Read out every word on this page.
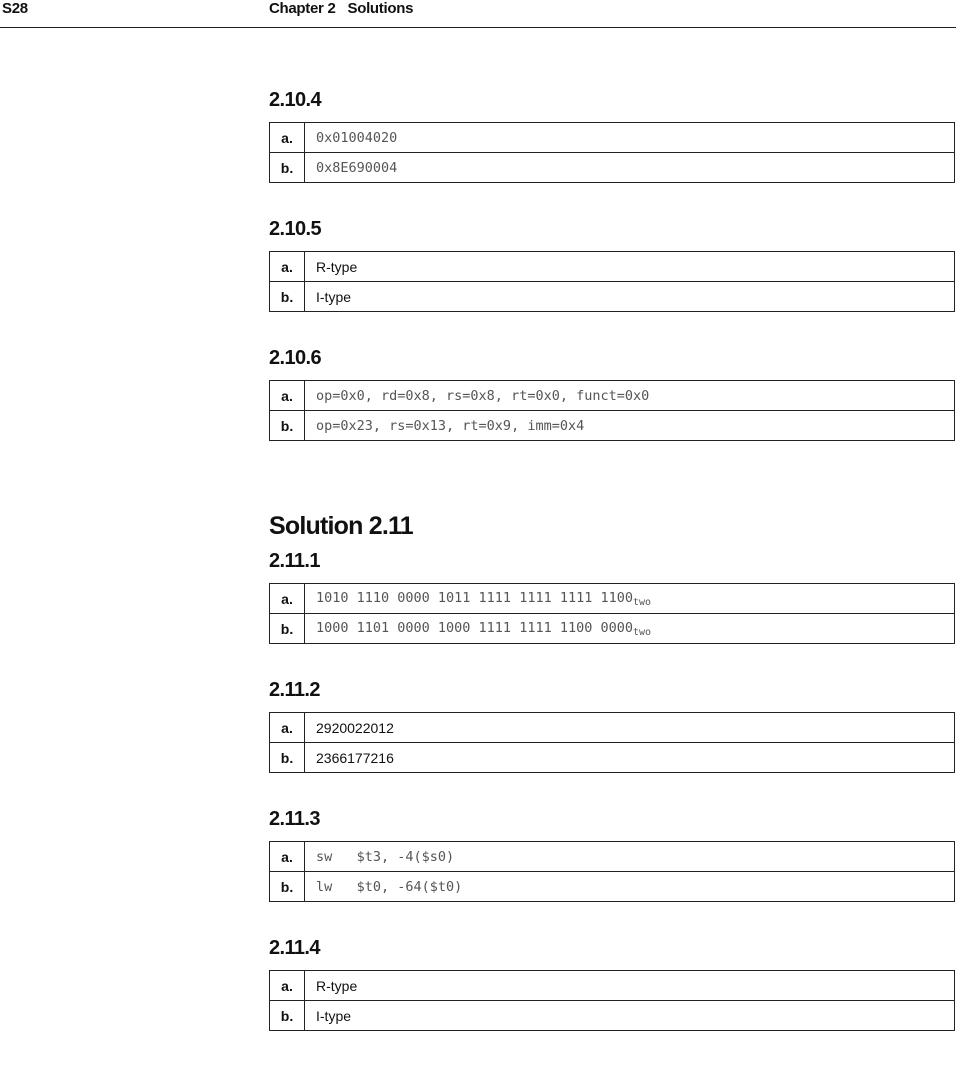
S28	Chapter 2 Solutions
2.10.4
a.	0x01004020
b.	0x8E690004
2.10.5
a.	R-type
b.	I-type
2.10.6
a.	op=0x0, rd=0x8, rs=0x8, rt=0x0, funct=0x0
b.	op=0x23, rs=0x13, rt=0x9, imm=0x4
Solution 2.11
2.11.1
a.	1010 1110 0000 1011 1111 1111 1111 $1100_{two}$
b.	1000 1101 0000 1000 1111 1111 1100 $0000_{two}$
2.11.2
a.	2920022012
b.	2366177216
2.11.3
a.	sw   $t3, -4($s0)
b.	lw   $t0, -64($t0)
2.11.4
a.	R-type
b.	I-type
